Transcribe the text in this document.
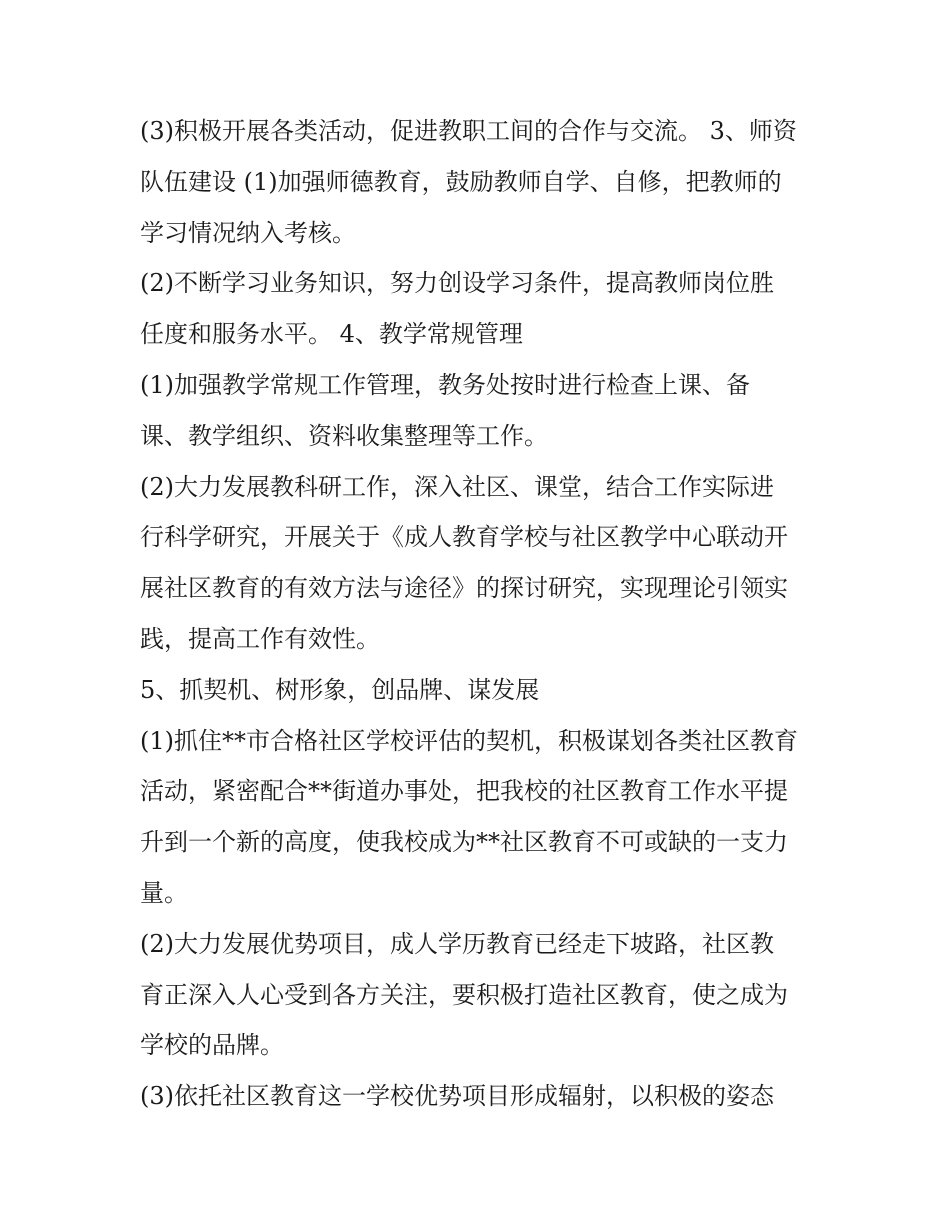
(3)积极开展各类活动，促进教职工间的合作与交流。 3、师资
队伍建设 (1)加强师德教育，鼓励教师自学、自修，把教师的
学习情况纳入考核。
(2)不断学习业务知识，努力创设学习条件，提高教师岗位胜
任度和服务水平。 4、教学常规管理
(1)加强教学常规工作管理，教务处按时进行检查上课、备
课、教学组织、资料收集整理等工作。
(2)大力发展教科研工作，深入社区、课堂，结合工作实际进
行科学研究，开展关于《成人教育学校与社区教学中心联动开
展社区教育的有效方法与途径》的探讨研究，实现理论引领实
践，提高工作有效性。
5、抓契机、树形象，创品牌、谋发展
(1)抓住**市合格社区学校评估的契机，积极谋划各类社区教育
活动，紧密配合**街道办事处，把我校的社区教育工作水平提
升到一个新的高度，使我校成为**社区教育不可或缺的一支力
量。
(2)大力发展优势项目，成人学历教育已经走下坡路，社区教
育正深入人心受到各方关注，要积极打造社区教育，使之成为
学校的品牌。
(3)依托社区教育这一学校优势项目形成辐射，以积极的姿态
